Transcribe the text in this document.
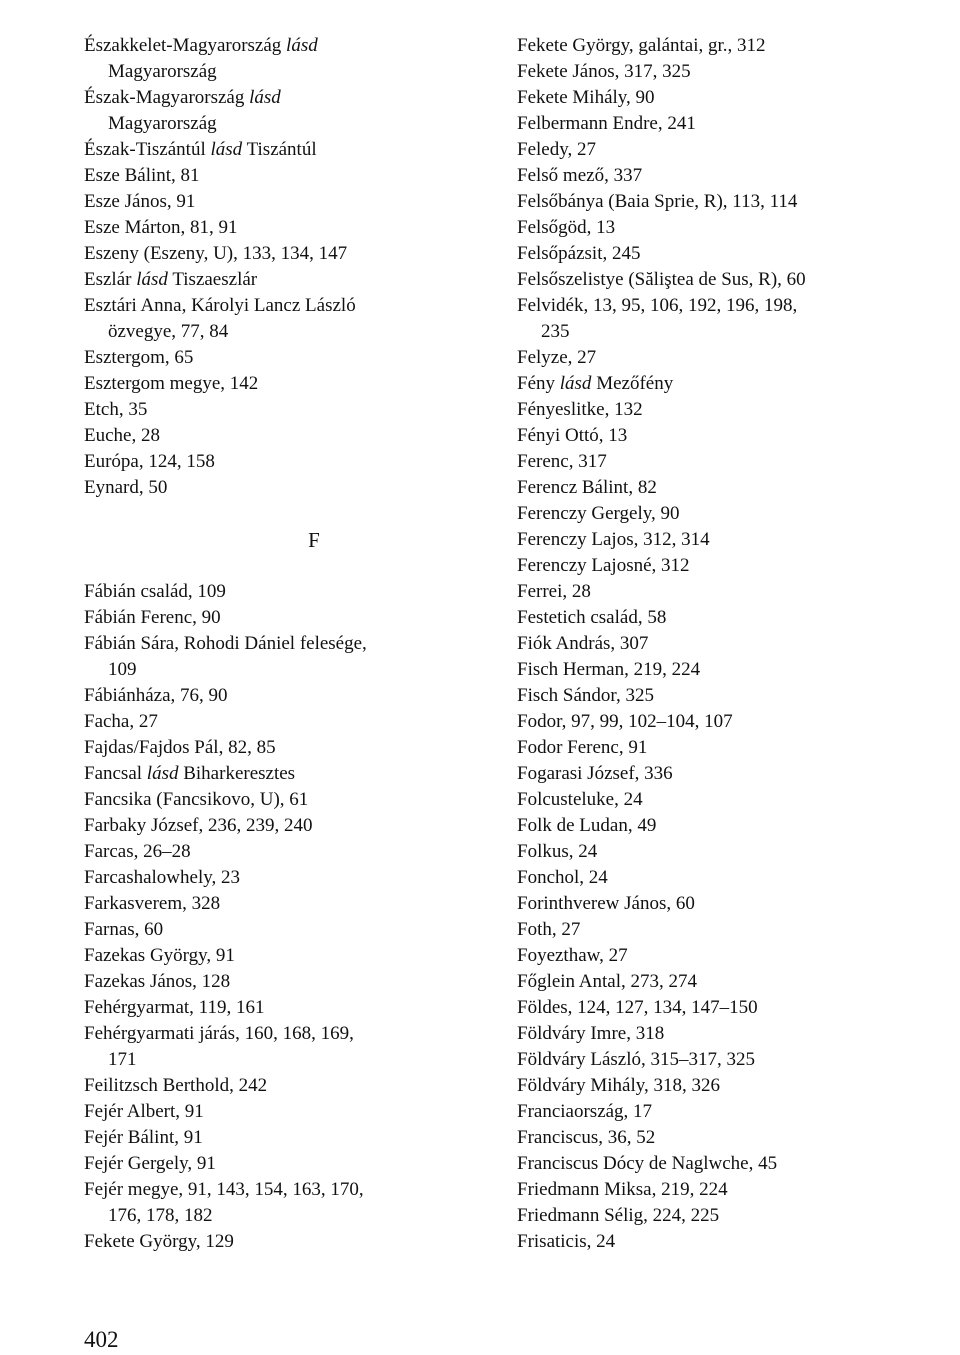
Északkelet-Magyarország lásd
Magyarország
Észak-Magyarország lásd
Magyarország
Észak-Tiszántúl lásd Tiszántúl
Esze Bálint, 81
Esze János, 91
Esze Márton, 81, 91
Eszeny (Eszeny, U), 133, 134, 147
Eszlár lásd Tiszaeszlár
Esztári Anna, Károlyi Lancz László
özvegye, 77, 84
Esztergom, 65
Esztergom megye, 142
Etch, 35
Euche, 28
Európa, 124, 158
Eynard, 50
F
Fábián család, 109
Fábián Ferenc, 90
Fábián Sára, Rohodi Dániel felesége,
109
Fábiánháza, 76, 90
Facha, 27
Fajdas/Fajdos Pál, 82, 85
Fancsal lásd Biharkeresztes
Fancsika (Fancsikovo, U), 61
Farbaky József, 236, 239, 240
Farcas, 26–28
Farcashalowhely, 23
Farkasverem, 328
Farnas, 60
Fazekas György, 91
Fazekas János, 128
Fehérgyarmat, 119, 161
Fehérgyarmati járás, 160, 168, 169,
171
Feilitzsch Berthold, 242
Fejér Albert, 91
Fejér Bálint, 91
Fejér Gergely, 91
Fejér megye, 91, 143, 154, 163, 170,
176, 178, 182
Fekete György, 129
Fekete György, galántai, gr., 312
Fekete János, 317, 325
Fekete Mihály, 90
Felbermann Endre, 241
Feledy, 27
Felső mező, 337
Felsőbánya (Baia Sprie, R), 113, 114
Felsőgöd, 13
Felsőpázsit, 245
Felsőszelistye (Săliştea de Sus, R), 60
Felvidék, 13, 95, 106, 192, 196, 198,
235
Felyze, 27
Fény lásd Mezőfény
Fényeslitke, 132
Fényi Ottó, 13
Ferenc, 317
Ferencz Bálint, 82
Ferenczy Gergely, 90
Ferenczy Lajos, 312, 314
Ferenczy Lajosné, 312
Ferrei, 28
Festetich család, 58
Fiók András, 307
Fisch Herman, 219, 224
Fisch Sándor, 325
Fodor, 97, 99, 102–104, 107
Fodor Ferenc, 91
Fogarasi József, 336
Folcusteluke, 24
Folk de Ludan, 49
Folkus, 24
Fonchol, 24
Forinthverew János, 60
Foth, 27
Foyezthaw, 27
Főglein Antal, 273, 274
Földes, 124, 127, 134, 147–150
Földváry Imre, 318
Földváry László, 315–317, 325
Földváry Mihály, 318, 326
Franciaország, 17
Franciscus, 36, 52
Franciscus Dócy de Naglwche, 45
Friedmann Miksa, 219, 224
Friedmann Sélig, 224, 225
Frisaticis, 24
402
